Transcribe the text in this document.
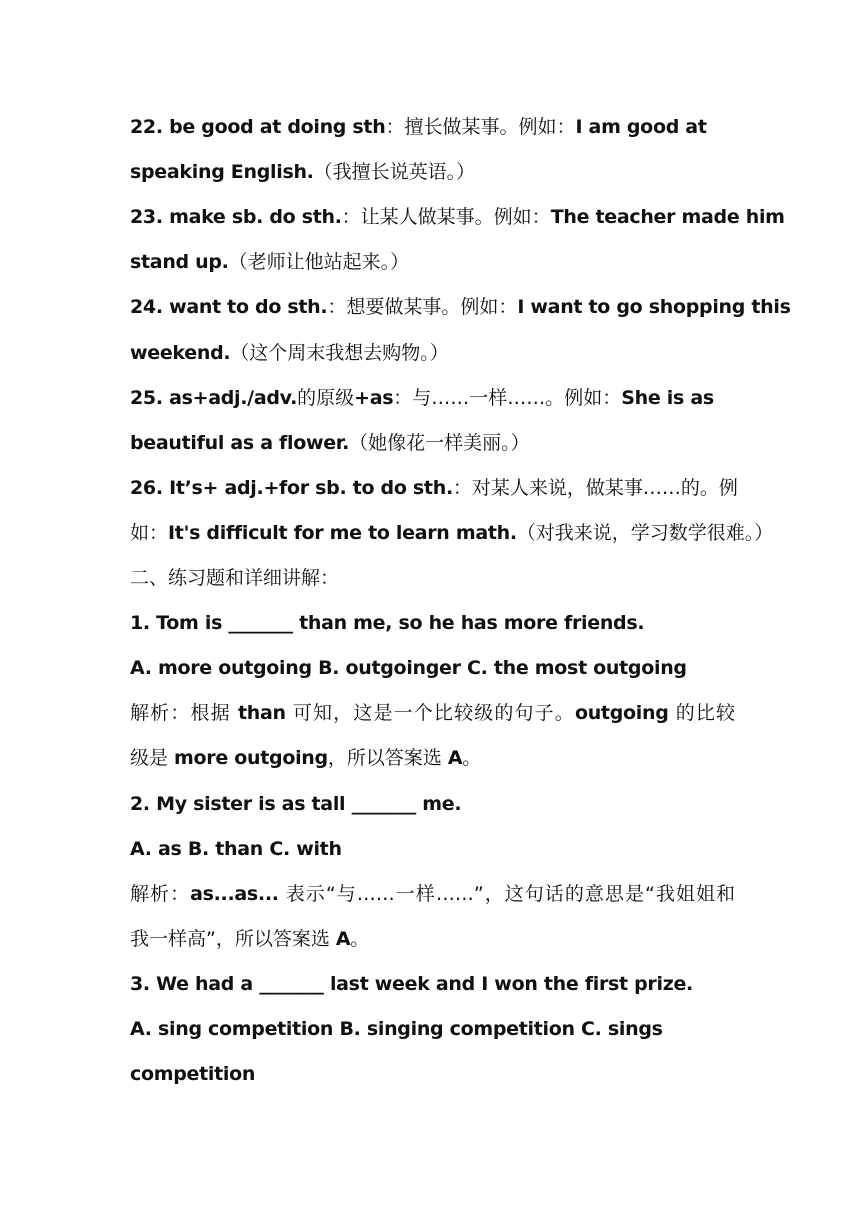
22. be good at doing sth：擅长做某事。例如：I am good at
speaking English.（我擅长说英语。）
23. make sb. do sth.：让某人做某事。例如：The teacher made him
stand up.（老师让他站起来。）
24. want to do sth.：想要做某事。例如：I want to go shopping this
weekend.（这个周末我想去购物。）
25. as+adj./adv.的原级+as：与……一样……。例如：She is as
beautiful as a flower.（她像花一样美丽。）
26. It’s+ adj.+for sb. to do sth.：对某人来说，做某事……的。例
如：It's difficult for me to learn math.（对我来说，学习数学很难。）
二、练习题和详细讲解：
1. Tom is _______ than me, so he has more friends.
A. more outgoing B. outgoinger C. the most outgoing
解析：根据 than 可知，这是一个比较级的句子。outgoing 的比较
级是 more outgoing，所以答案选 A。
2. My sister is as tall _______ me.
A. as B. than C. with
解析：as...as... 表示“与……一样……”，这句话的意思是“我姐姐和
我一样高”，所以答案选 A。
3. We had a _______ last week and I won the first prize.
A. sing competition B. singing competition C. sings
competition
